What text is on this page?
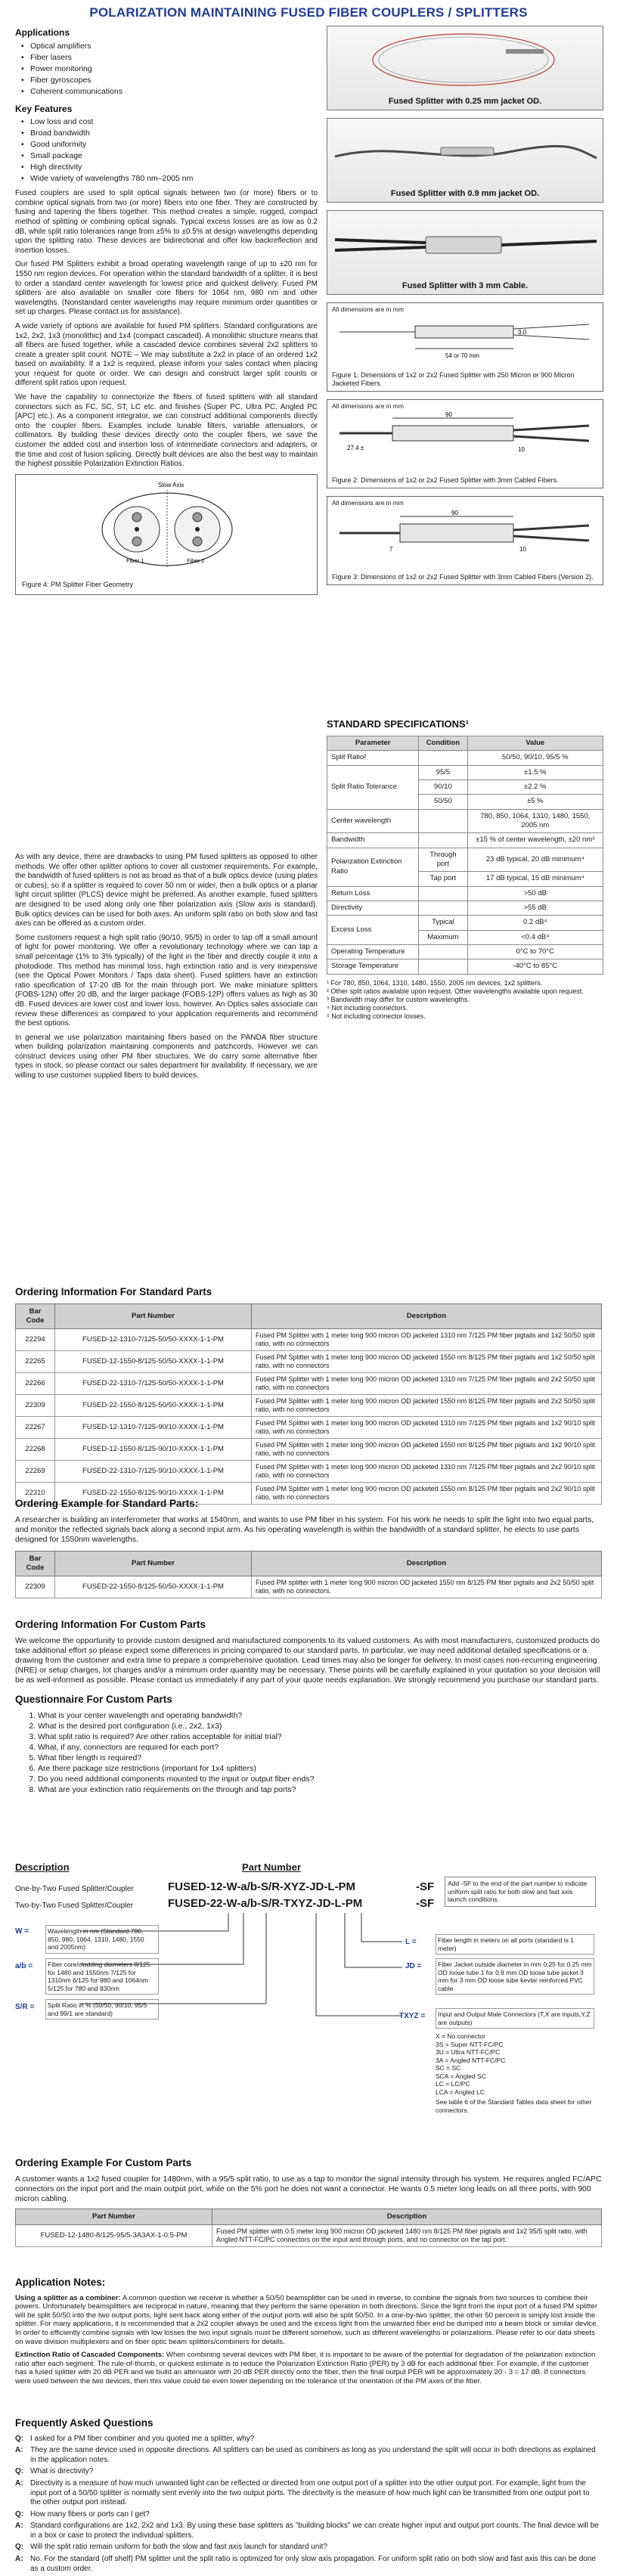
POLARIZATION MAINTAINING FUSED FIBER COUPLERS / SPLITTERS
Applications
• Optical amplifiers
• Fiber lasers
• Power monitoring
• Fiber gyroscopes
• Coherent communications
Key Features
• Low loss and cost
• Broad bandwidth
• Good uniformity
• Small package
• High directivity
• Wide variety of wavelengths 780 nm–2005 nm

Fused couplers are used to split optical signals between two (or more) fibers or to combine optical signals from two (or more) fibers into one fiber. They are constructed by fusing and tapering the fibers together. This method creates a simple, rugged, compact method of splitting or combining optical signals. Typical excess losses are as low as 0.2 dB, while split ratio tolerances range from ±5% to ±0.5% at design wavelengths depending upon the splitting ratio. These devices are bidirectional and offer low backreflection and insertion losses.

Our fused PM Splitters exhibit a broad operating wavelength range of up to ±20 nm for 1550 nm region devices. For operation within the standard bandwidth of a splitter, it is best to order a standard center wavelength for lowest price and quickest delivery. Fused PM splitters are also available on smaller core fibers for 1064 nm, 980 nm and other wavelengths. (Nonstandard center wavelengths may require minimum order quantities or set up charges. Please contact us for assistance).

A wide variety of options are available for fused PM splitters. Standard configurations are 1x2, 2x2, 1x3 (monolithic) and 1x4 (compact cascaded). A monolithic structure means that all fibers are fused together, while a cascaded device combines several 2x2 splitters to create a greater split count. NOTE – We may substitute a 2x2 in place of an ordered 1x2 based on availability. If a 1x2 is required, please inform your sales contact when placing your request for quote or order. We can design and construct larger split counts or different split ratios upon request.

We have the capability to connectorize the fibers of fused splitters with all standard connectors such as FC, SC, ST, LC etc. and finishes (Super PC, Ultra PC, Angled PC [APC] etc.). As a component integrator, we can construct additional components directly onto the coupler fibers. Examples include tunable filters, variable attenuators, or collimators. By building these devices directly onto the coupler fibers, we save the customer the added cost and insertion loss of intermediate connectors and adapters, or the time and cost of fusion splicing. Directly built devices are also the best way to maintain the highest possible Polarization Extinction Ratios.

Slow Axis
Fiber 1	Fiber 2
Figure 4: PM Splitter Fiber Geometry
Fused Splitter with 0.25 mm jacket OD.
Fused Splitter with 0.9 mm jacket OD.
Fused Splitter with 3 mm Cable.
All dimensions are in mm
54 or 70 mm
3.0
Figure 1: Dimensions of 1x2 or 2x2 Fused Splitter with 250 Micron or 900 Micron Jacketed Fibers.
All dimensions are in mm
90
27.4 ±	10
Figure 2: Dimensions of 1x2 or 2x2 Fused Splitter with 3mm Cabled Fibers.
All dimensions are in mm
90
10
7
Figure 3: Dimensions of 1x2 or 2x2 Fused Splitter with 3mm Cabled Fibers (Version 2).

As with any device, there are drawbacks to using PM fused splitters as opposed to other methods. We offer other splitter options to cover all customer requirements. For example, the bandwidth of fused splitters is not as broad as that of a bulk optics device (using plates or cubes), so if a splitter is required to cover 50 nm or wider, then a bulk optics or a planar light circuit splitter (PLCS) device might be preferred. As another example, fused splitters are designed to be used along only one fiber polarization axis (Slow axis is standard). Bulk optics devices can be used for both axes. An uniform split ratio on both slow and fast axes can be offered as a custom order.

Some customers request a high split ratio (90/10, 95/5) in order to tap off a small amount of light for power monitoring. We offer a revolutionary technology where we can tap a small percentage (1% to 3% typically) of the light in the fiber and directly couple it into a photodiode. This method has minimal loss, high extinction ratio and is very inexpensive (see the Optical Power Monitors / Taps data sheet). Fused splitters have an extinction ratio specification of 17-20 dB for the main through port. We make miniature splitters (FOBS-12N) offer 20 dB, and the larger package (FOBS-12P) offers values as high as 30 dB. Fused devices are lower cost and lower loss, however. An Optics sales associate can review these differences as compared to your application requirements and recommend the best options.

In general we use polarization maintaining fibers based on the PANDA fiber structure when building polarization maintaining components and patchcords. However we can construct devices using other PM fiber structures. We do carry some alternative fiber types in stock, so please contact our sales department for availability. If necessary, we are willing to use customer supplied fibers to build devices.

STANDARD SPECIFICATIONS¹
Parameter	Condition	Value
Split Ratio²		50/50, 90/10, 95/5 %
Split Ratio Tolerance	95/5	±1.5 %
	90/10	±2.2 %
	50/50	±5 %
Center wavelength		780, 850, 1064, 1310, 1480, 1550, 2005 nm
Bandwidth		±15 % of center wavelength, ±20 nm³
Polarization Extinction Ratio	Through port	23 dB typical, 20 dB minimum⁴
	Tap port	17 dB typical, 15 dB minimum⁴
Return Loss		>50 dB
Directivity		>55 dB
Excess Loss	Typical	0.2 dB⁴
	Maximum	<0.4 dB⁴
Operating Temperature		0°C to 70°C
Storage Temperature		-40°C to 85°C
¹ For 780, 850, 1064, 1310, 1480, 1550, 2005 nm devices, 1x2 splitters.
² Other split ratios available upon request. Other wavelengths available upon request.
³ Bandwidth may differ for custom wavelengths.
⁴ Not including connectors.
⁵ Not including connector losses.
Ordering Information For Standard Parts
Bar Code	Part Number	Description
22294	FUSED-12-1310-7/125-50/50-XXXX-1-1-PM	Fused PM Splitter with 1 meter long 900 micron OD jacketed 1310 nm 7/125 PM fiber pigtails and 1x2 50/50 split ratio, with no connectors
22265	FUSED-12-1550-8/125-50/50-XXXX-1-1-PM	Fused PM Splitter with 1 meter long 900 micron OD jacketed 1550 nm 8/125 PM fiber pigtails and 1x2 50/50 split ratio, with no connectors
22266	FUSED-22-1310-7/125-50/50-XXXX-1-1-PM	Fused PM Splitter with 1 meter long 900 micron OD jacketed 1310 nm 7/125 PM fiber pigtails and 2x2 50/50 split ratio, with no connectors
22309	FUSED-22-1550-8/125-50/50-XXXX-1-1-PM	Fused PM Splitter with 1 meter long 900 micron OD jacketed 1550 nm 8/125 PM fiber pigtails and 2x2 50/50 split ratio, with no connectors
22267	FUSED-12-1310-7/125-90/10-XXXX-1-1-PM	Fused PM Splitter with 1 meter long 900 micron OD jacketed 1310 nm 7/125 PM fiber pigtails and 1x2 90/10 split ratio, with no connectors
22268	FUSED-12-1550-8/125-90/10-XXXX-1-1-PM	Fused PM Splitter with 1 meter long 900 micron OD jacketed 1550 nm 8/125 PM fiber pigtails and 1x2 90/10 split ratio, with no connectors
22269	FUSED-22-1310-7/125-90/10-XXXX-1-1-PM	Fused PM Splitter with 1 meter long 900 micron OD jacketed 1310 nm 7/125 PM fiber pigtails and 2x2 90/10 split ratio, with no connectors
22310	FUSED-22-1550-8/125-90/10-XXXX-1-1-PM	Fused PM Splitter with 1 meter long 900 micron OD jacketed 1550 nm 8/125 PM fiber pigtails and 2x2 90/10 split ratio, with no connectors
Ordering Example for Standard Parts:

A researcher is building an interferometer that works at 1540nm, and wants to use PM fiber in his system. For his work he needs to split the light into two equal parts, and monitor the reflected signals back along a second input arm. As his operating wavelength is within the bandwidth of a standard splitter, he elects to use parts designed for 1550nm wavelengths.

Bar Code	Part Number	Description
22309	FUSED-22-1550-8/125-50/50-XXXX-1-1-PM	Fused PM splitter with 1 meter long 900 micron OD jacketed 1550 nm 8/125 PM fiber pigtails and 2x2 50/50 split ratio, with no connectors.
Ordering Information For Custom Parts

We welcome the opportunity to provide custom designed and manufactured components to its valued customers. As with most manufacturers, customized products do take additional effort so please expect some differences in pricing compared to our standard parts. In particular, we may need additional detailed specifications or a drawing from the customer and extra time to prepare a comprehensive quotation. Lead times may also be longer for delivery. In most cases non-recurring engineering (NRE) or setup charges, lot charges and/or a minimum order quantity may be necessary. These points will be carefully explained in your quotation so your decision will be as well-informed as possible. Please contact us immediately if any part of your quote needs explanation. We strongly recommend you purchase our standard parts.

Questionnaire For Custom Parts
1. What is your center wavelength and operating bandwidth?
2. What is the desired port configuration (i.e., 2x2, 1x3)
3. What split ratio is required? Are other ratios acceptable for initial trial?
4. What, if any, connectors are required for each port?
5. What fiber length is required?
6. Are there package size restrictions (important for 1x4 splitters)
7. Do you need additional components mounted to the input or output fiber ends?
8. What are your extinction ratio requirements on the through and tap ports?
Description	Part Number
One-by-Two Fused Splitter/Coupler
Two-by-Two Fused Splitter/Coupler
FUSED-12-W-a/b-S/R-XYZ-JD-L-PM
FUSED-22-W-a/b-S/R-TXYZ-JD-L-PM
-SF
-SF
Add -SF to the end of the part number to indicate uniform split ratio for both slow and fast axis launch conditions.
W =	Wavelength in nm (Standard 780, 850, 980, 1064, 1310, 1480, 1550 and 2005nm)
a/b =	Fiber core/cladding diameters 8/125 for 1480 and 1550nm 7/125 for 1310nm 6/125 for 980 and 1064nm 5/125 for 780 and 830nm
S/R =	Split Ratio in % (50/50, 90/10, 95/5 and 99/1 are standard)
L =	Fiber length in meters on all ports (standard is 1 meter)
JD =	Fiber Jacket outside diameter in mm 0.25 for 0.25 mm OD loose tube 1 for 0.9 mm OD loose tube jacket 3 mm for 3 mm OD loose tube kevlar reinforced PVC cable
TXYZ =	Input and Output Male Connectors (T,X are inputs,Y,Z are outputs)
X = No connector
3S = Super NTT-FC/PC
3U = Ultra NTT-FC/PC
3A = Angled NTT-FC/PC
SC = SC
SCA = Angled SC
LC = LC/PC
LCA = Angled LC
See table 6 of the Standard Tables data sheet for other connectors.
Ordering Example For Custom Parts

A customer wants a 1x2 fused coupler for 1480nm, with a 95/5 split ratio, to use as a tap to monitor the signal intensity through his system. He requires angled FC/APC connectors on the input port and the main output port, while on the 5% port he does not want a connector. He wants 0.5 meter long leads on all three ports, with 900 micron cabling.

Part Number	Description
FUSED-12-1480-8/125-95/5-3A3AX-1-0.5-PM	Fused PM splitter with 0.5 meter long 900 micron OD jacketed 1480 nm 8/125 PM fiber pigtails and 1x2 95/5 split ratio, with Angled NTT-FC/PC connectors on the input and through ports, and no connector on the tap port.
Application Notes:

Using a splitter as a combiner: A common question we receive is whether a 50/50 beamsplitter can be used in reverse, to combine the signals from two sources to combine their powers. Unfortunately beamsplitters are reciprocal in nature, meaning that they perform the same operation in both directions. Since the light from the input port of a fused PM splitter will be split 50/50 into the two output ports, light sent back along either of the output ports will also be split 50/50. In a one-by-two splitter, the other 50 percent is simply lost inside the splitter. For many applications, it is recommended that a 2x2 coupler always be used and the excess light from the unwanted fiber end be dumped into a beam block or similar device. In order to efficiently combine signals with low losses the two input signals must be different somehow, such as different wavelengths or polarizations. Please refer to our data sheets on wave division multiplexers and on fiber optic beam splitters/combiners for details.

Extinction Ratio of Cascaded Components: When combining several devices with PM fiber, it is important to be aware of the potential for degradation of the polarization extinction ratio after each segment. The rule-of-thumb, or quickest estimate is to reduce the Polarization Extinction Ratio (PER) by 3 dB for each additional fiber. For example, if the customer has a fused splitter with 20 dB PER and we build an attenuator with 20 dB PER directly onto the fiber, then the final output PER will be approximately 20 - 3 = 17 dB. If connectors were used between the two devices, then this value could be even lower depending on the tolerance of the orientation of the PM axes of the fiber.

Frequently Asked Questions
Q: I asked for a PM fiber combiner and you quoted me a splitter, why?
A: They are the same device used in opposite directions. All splitters can be used as combiners as long as you understand the split will occur in both directions as explained in the application notes.
Q: What is directivity?
A: Directivity is a measure of how much unwanted light can be reflected or directed from one output port of a splitter into the other output port. For example, light from the input port of a 50/50 splitter is normally sent evenly into the two output ports. The directivity is the measure of how much light can be transmitted from one output port to the other output port instead.
Q: How many fibers or ports can I get?
A: Standard configurations are 1x2, 2x2 and 1x3. By using these base splitters as "building blocks" we can create higher input and output port counts. The final device will be in a box or case to protect the individual splitters.
Q: Will the split ratio remain uniform for both the slow and fast axis launch for standard unit?
A: No. For the standard (off shelf) PM splitter unit the split ratio is optimized for only slow axis propagation. For uniform split ratio on both slow and fast axis this can be done as a custom order.
